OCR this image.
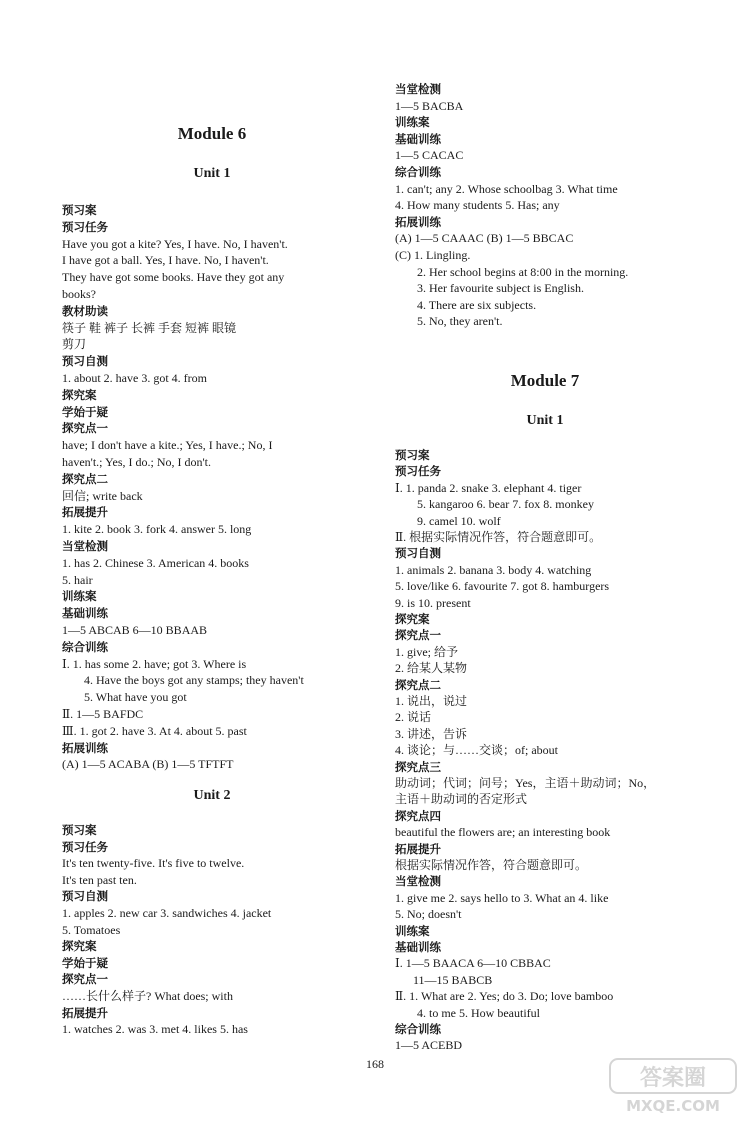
Module 6
Unit 1
预习案
预习任务
Have you got a kite? Yes, I have. No, I haven't.
I have got a ball. Yes, I have. No, I haven't.
They have got some books. Have they got any
books?
教材助读
筷子 鞋 裤子 长裤 手套 短裤 眼镜
剪刀
预习自测
1. about 2. have 3. got 4. from
探究案
学始于疑
探究点一
have; I don't have a kite.; Yes, I have.; No, I
haven't.; Yes, I do.; No, I don't.
探究点二
回信; write back
拓展提升
1. kite 2. book 3. fork 4. answer 5. long
当堂检测
1. has 2. Chinese 3. American 4. books
5. hair
训练案
基础训练
1—5 ABCAB 6—10 BBAAB
综合训练
Ⅰ. 1. has some 2. have; got 3. Where is
4. Have the boys got any stamps; they haven't
5. What have you got
Ⅱ. 1—5 BAFDC
Ⅲ. 1. got 2. have 3. At 4. about 5. past
拓展训练
(A) 1—5 ACABA (B) 1—5 TFTFT
Unit 2
预习案
预习任务
It's ten twenty-five. It's five to twelve.
It's ten past ten.
预习自测
1. apples 2. new car 3. sandwiches 4. jacket
5. Tomatoes
探究案
学始于疑
探究点一
……长什么样子? What does; with
拓展提升
1. watches 2. was 3. met 4. likes 5. has
当堂检测
1—5 BACBA
训练案
基础训练
1—5 CACAC
综合训练
1. can't; any 2. Whose schoolbag 3. What time
4. How many students 5. Has; any
拓展训练
(A) 1—5 CAAAC (B) 1—5 BBCAC
(C) 1. Lingling.
2. Her school begins at 8:00 in the morning.
3. Her favourite subject is English.
4. There are six subjects.
5. No, they aren't.
Module 7
Unit 1
预习案
预习任务
Ⅰ. 1. panda 2. snake 3. elephant 4. tiger
5. kangaroo 6. bear 7. fox 8. monkey
9. camel 10. wolf
Ⅱ. 根据实际情况作答，符合题意即可。
预习自测
1. animals 2. banana 3. body 4. watching
5. love/like 6. favourite 7. got 8. hamburgers
9. is 10. present
探究案
探究点一
1. give; 给予
2. 给某人某物
探究点二
1. 说出，说过
2. 说话
3. 讲述，告诉
4. 谈论；与……交谈；of; about
探究点三
助动词；代词；问号；Yes，主语＋助动词；No，
主语＋助动词的否定形式
探究点四
beautiful the flowers are; an interesting book
拓展提升
根据实际情况作答，符合题意即可。
当堂检测
1. give me 2. says hello to 3. What an 4. like
5. No; doesn't
训练案
基础训练
Ⅰ. 1—5 BAACA 6—10 CBBAC
11—15 BABCB
Ⅱ. 1. What are 2. Yes; do 3. Do; love bamboo
4. to me 5. How beautiful
综合训练
1—5 ACEBD
168
答案圈
MXQE.COM
